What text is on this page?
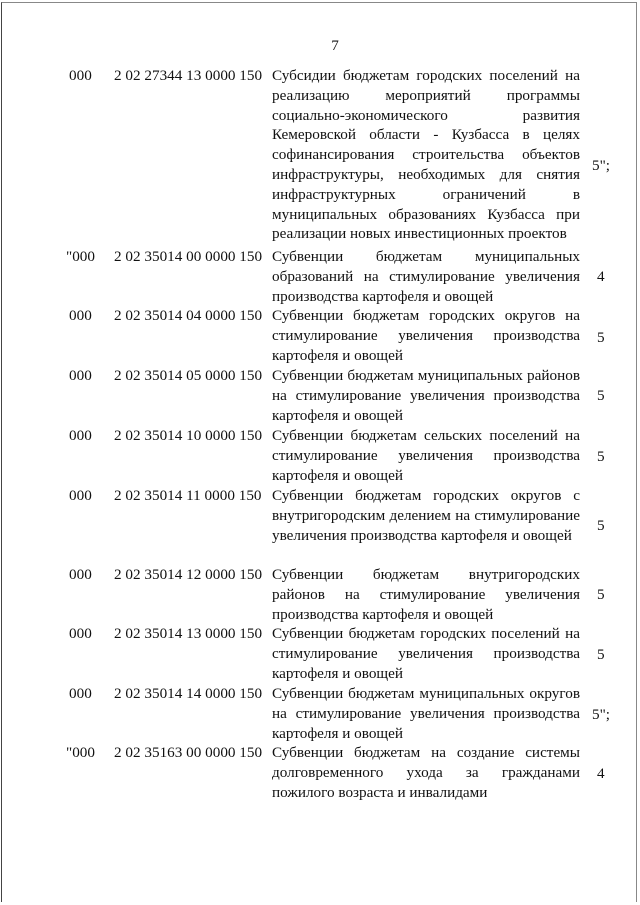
7
000 2 02 27344 13 0000 150 Субсидии бюджетам городских поселений на реализацию мероприятий программы социально-экономического развития Кемеровской области - Кузбасса в целях софинансирования строительства объектов инфраструктуры, необходимых для снятия инфраструктурных ограничений в муниципальных образованиях Кузбасса при реализации новых инвестиционных проектов
5";
"000 2 02 35014 00 0000 150 Субвенции бюджетам муниципальных образований на стимулирование увеличения производства картофеля и овощей
4
000 2 02 35014 04 0000 150 Субвенции бюджетам городских округов на стимулирование увеличения производства картофеля и овощей
5
000 2 02 35014 05 0000 150 Субвенции бюджетам муниципальных районов на стимулирование увеличения производства картофеля и овощей
5
000 2 02 35014 10 0000 150 Субвенции бюджетам сельских поселений на стимулирование увеличения производства картофеля и овощей
5
000 2 02 35014 11 0000 150 Субвенции бюджетам городских округов с внутригородским делением на стимулирование увеличения производства картофеля и овощей
5
000 2 02 35014 12 0000 150 Субвенции бюджетам внутригородских районов на стимулирование увеличения производства картофеля и овощей
5
000 2 02 35014 13 0000 150 Субвенции бюджетам городских поселений на стимулирование увеличения производства картофеля и овощей
5
000 2 02 35014 14 0000 150 Субвенции бюджетам муниципальных округов на стимулирование увеличения производства картофеля и овощей
5";
"000 2 02 35163 00 0000 150 Субвенции бюджетам на создание системы долговременного ухода за гражданами пожилого возраста и инвалидами
4
